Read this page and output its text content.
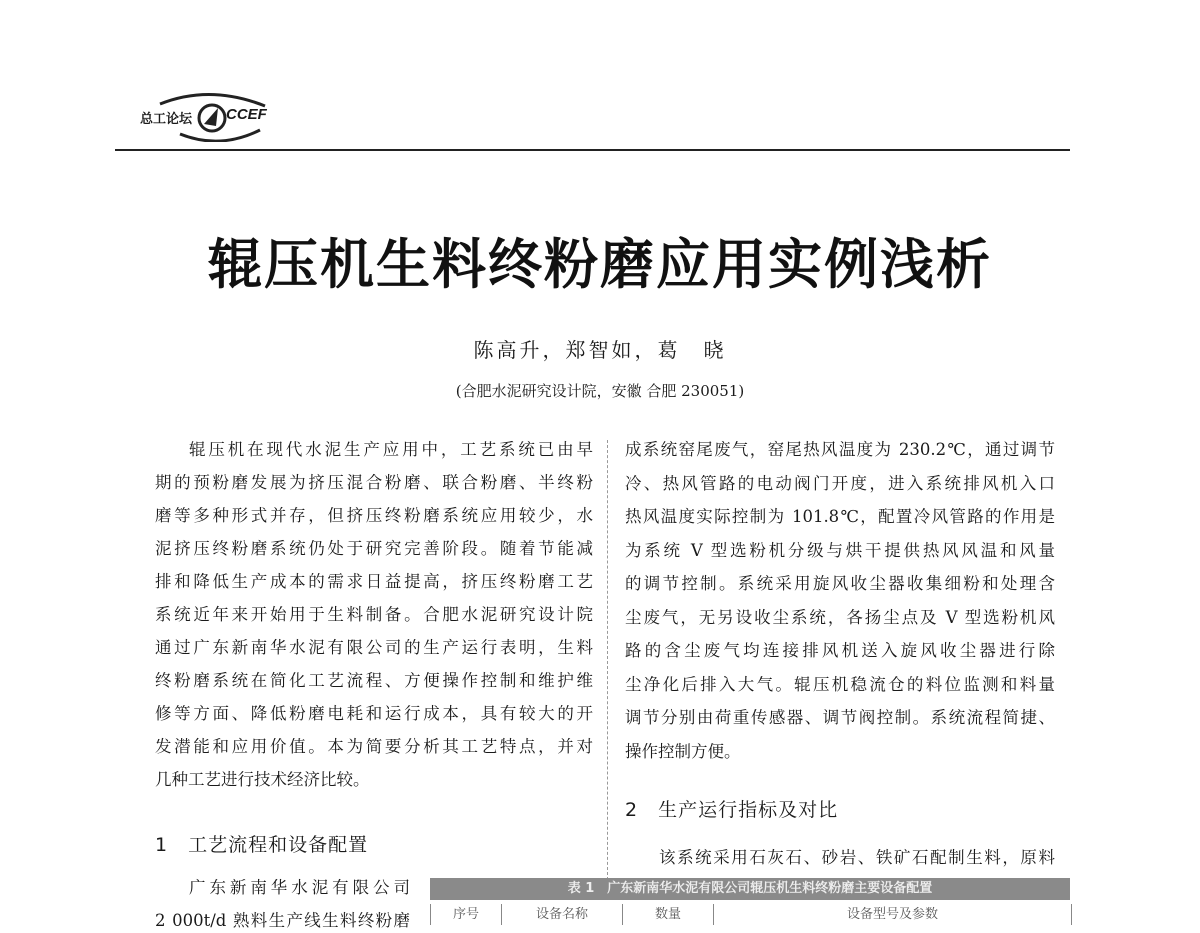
总工论坛 CCEF
辊压机生料终粉磨应用实例浅析
陈高升，郑智如，葛　晓
(合肥水泥研究设计院，安徽 合肥 230051)
1　工艺流程和设备配置
2　生产运行指标及对比
表 1　广东新南华水泥有限公司辊压机生料终粉磨主要设备配置
序号	设备名称	数量	设备型号及参数
辊压机在现代水泥生产应用中，工艺系统已由早
期的预粉磨发展为挤压混合粉磨、联合粉磨、半终粉
磨等多种形式并存，但挤压终粉磨系统应用较少，水
泥挤压终粉磨系统仍处于研究完善阶段。随着节能减
排和降低生产成本的需求日益提高，挤压终粉磨工艺
系统近年来开始用于生料制备。合肥水泥研究设计院
通过广东新南华水泥有限公司的生产运行表明，生料
终粉磨系统在简化工艺流程、方便操作控制和维护维
修等方面、降低粉磨电耗和运行成本，具有较大的开
发潜能和应用价值。本为简要分析其工艺特点，并对
几种工艺进行技术经济比较。
广东新南华水泥有限公司
2 000t/d 熟料生产线生料终粉磨
成系统窑尾废气，窑尾热风温度为 230.2℃，通过调节
冷、热风管路的电动阀门开度，进入系统排风机入口
热风温度实际控制为 101.8℃，配置冷风管路的作用是
为系统 V 型选粉机分级与烘干提供热风风温和风量
的调节控制。系统采用旋风收尘器收集细粉和处理含
尘废气，无另设收尘系统，各扬尘点及 V 型选粉机风
路的含尘废气均连接排风机送入旋风收尘器进行除
尘净化后排入大气。辊压机稳流仓的料位监测和料量
调节分别由荷重传感器、调节阀控制。系统流程简捷、
操作控制方便。
该系统采用石灰石、砂岩、铁矿石配制生料，原料
